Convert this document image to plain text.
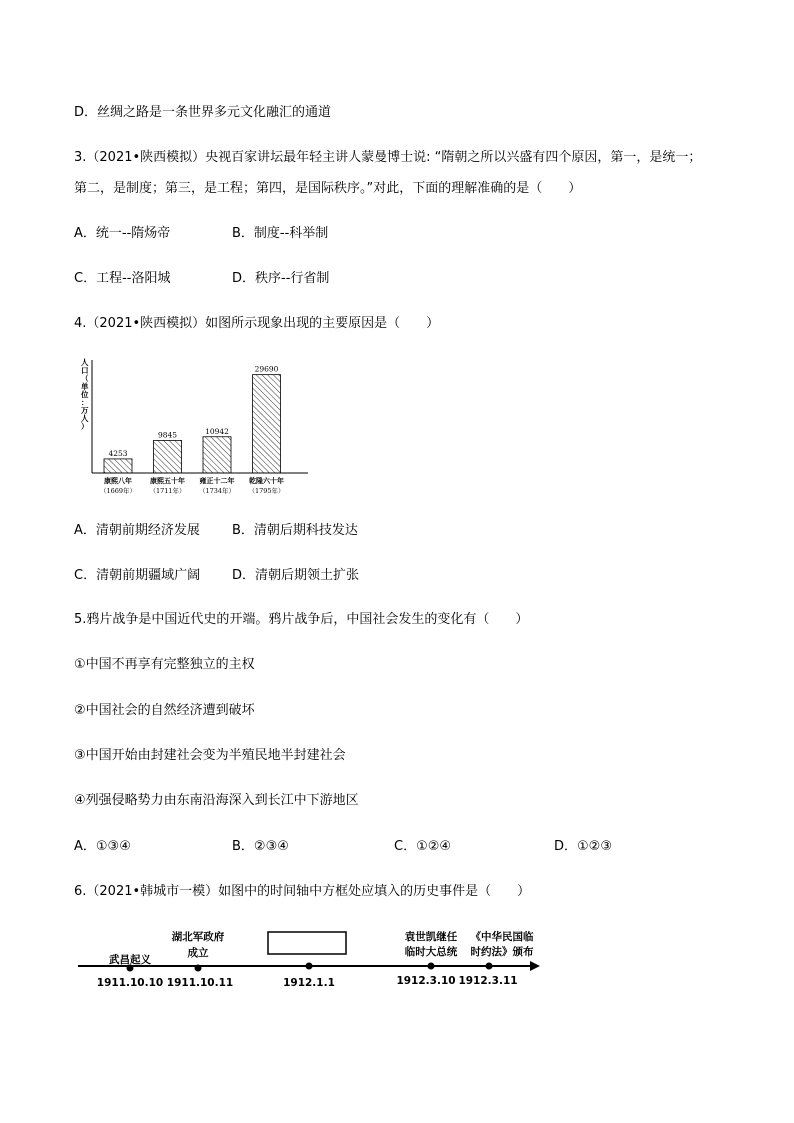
D．丝绸之路是一条世界多元文化融汇的通道
3.（2021•陕西模拟）央视百家讲坛最年轻主讲人蒙曼博士说: “隋朝之所以兴盛有四个原因，第一，是统一；
第二，是制度；第三，是工程；第四，是国际秩序。”对此，下面的理解准确的是（　　）
A．统一--隋炀帝	B．制度--科举制
C．工程--洛阳城	D．秩序--行省制
4.（2021•陕西模拟）如图所示现象出现的主要原因是（　　）
人口（单位：万人）
4253
康熙八年
（1669年）
9845
康熙五十年
（1711年）
10942
雍正十二年
（1734年）
29690
乾隆六十年
（1795年）
A．清朝前期经济发展 B．清朝后期科技发达
C．清朝前期疆域广阔 D．清朝后期领土扩张
5.鸦片战争是中国近代史的开端。鸦片战争后，中国社会发生的变化有（　　）
①中国不再享有完整独立的主权
②中国社会的自然经济遭到破坏
③中国开始由封建社会变为半殖民地半封建社会
④列强侵略势力由东南沿海深入到长江中下游地区
A．①③④	B．②③④	C．①②④	D．①②③
6.（2021•韩城市一模）如图中的时间轴中方框处应填入的历史事件是（　　）
武昌起义
湖北军政府
成立
袁世凯继任
临时大总统
《中华民国临
时约法》颁布
1911.10.10 1911.10.11	1912.1.1	1912.3.10 1912.3.11
